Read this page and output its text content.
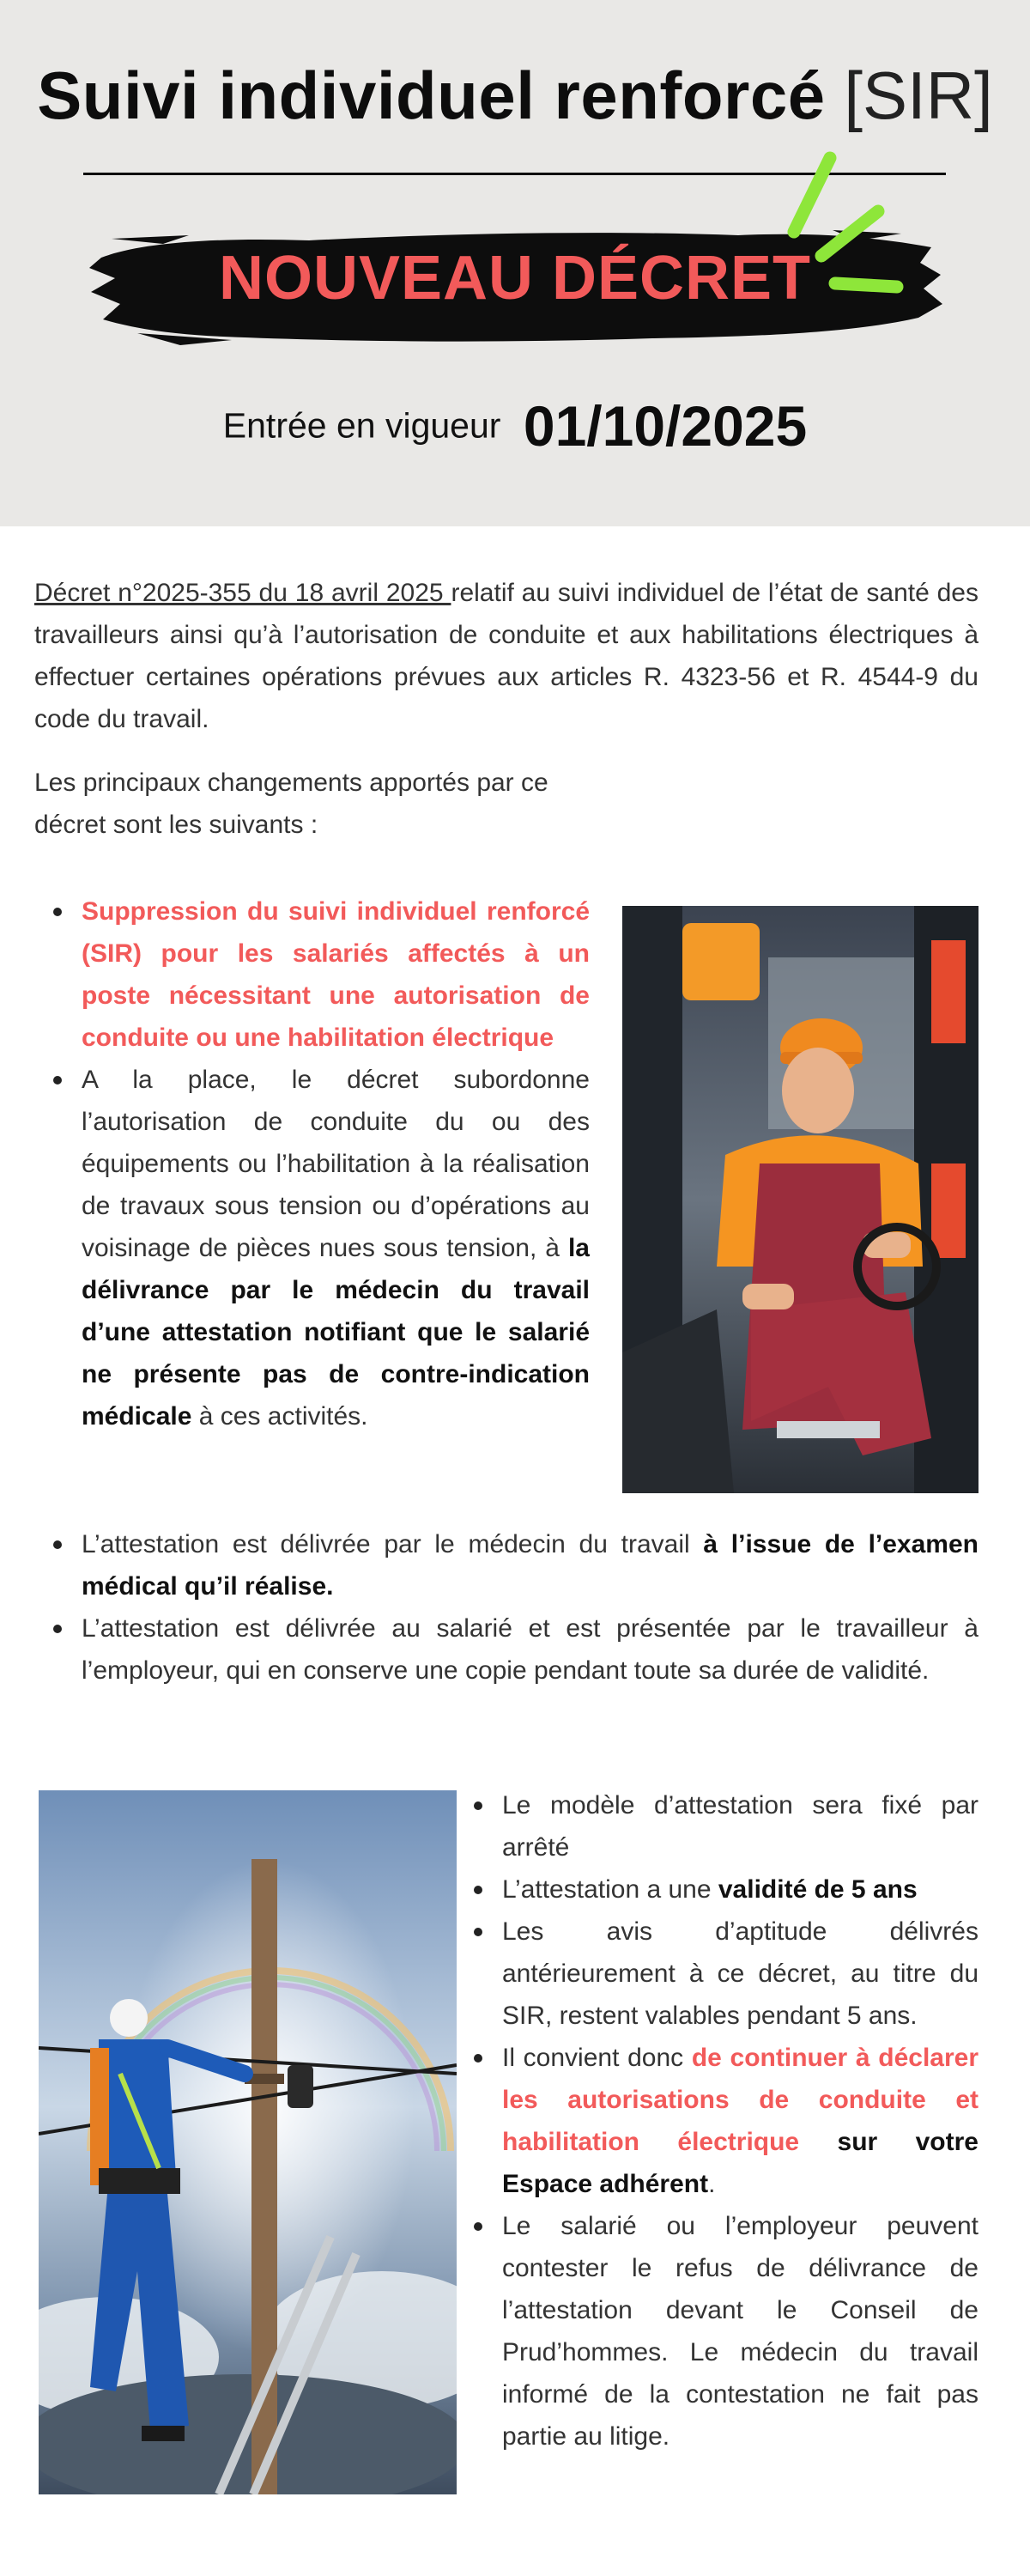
Suivi individuel renforcé [SIR]
NOUVEAU DÉCRET
Entrée en vigueur 01/10/2025

Décret n°2025-355 du 18 avril 2025 relatif au suivi individuel de l’état de santé des travailleurs ainsi qu’à l’autorisation de conduite et aux habilitations électriques à effectuer certaines opérations prévues aux articles R. 4323-56 et R. 4544-9 du code du travail.

Les principaux changements apportés par ce décret sont les suivants :

Suppression du suivi individuel renforcé (SIR) pour les salariés affectés à un poste nécessitant une autorisation de conduite ou une habilitation électrique
A la place, le décret subordonne l’autorisation de conduite du ou des équipements ou l’habilitation à la réalisation de travaux sous tension ou d’opérations au voisinage de pièces nues sous tension, à la délivrance par le médecin du travail d’une attestation notifiant que le salarié ne présente pas de contre-indication médicale à ces activités.
L’attestation est délivrée par le médecin du travail à l’issue de l’examen médical qu’il réalise.
L’attestation est délivrée au salarié et est présentée par le travailleur à l’employeur, qui en conserve une copie pendant toute sa durée de validité.
Le modèle d’attestation sera fixé par arrêté
L’attestation a une validité de 5 ans
Les avis d’aptitude délivrés antérieurement à ce décret, au titre du SIR, restent valables pendant 5 ans.
Il convient donc de continuer à déclarer les autorisations de conduite et habilitation électrique sur votre Espace adhérent.
Le salarié ou l’employeur peuvent contester le refus de délivrance de l’attestation devant le Conseil de Prud’hommes. Le médecin du travail informé de la contestation ne fait pas partie au litige.
